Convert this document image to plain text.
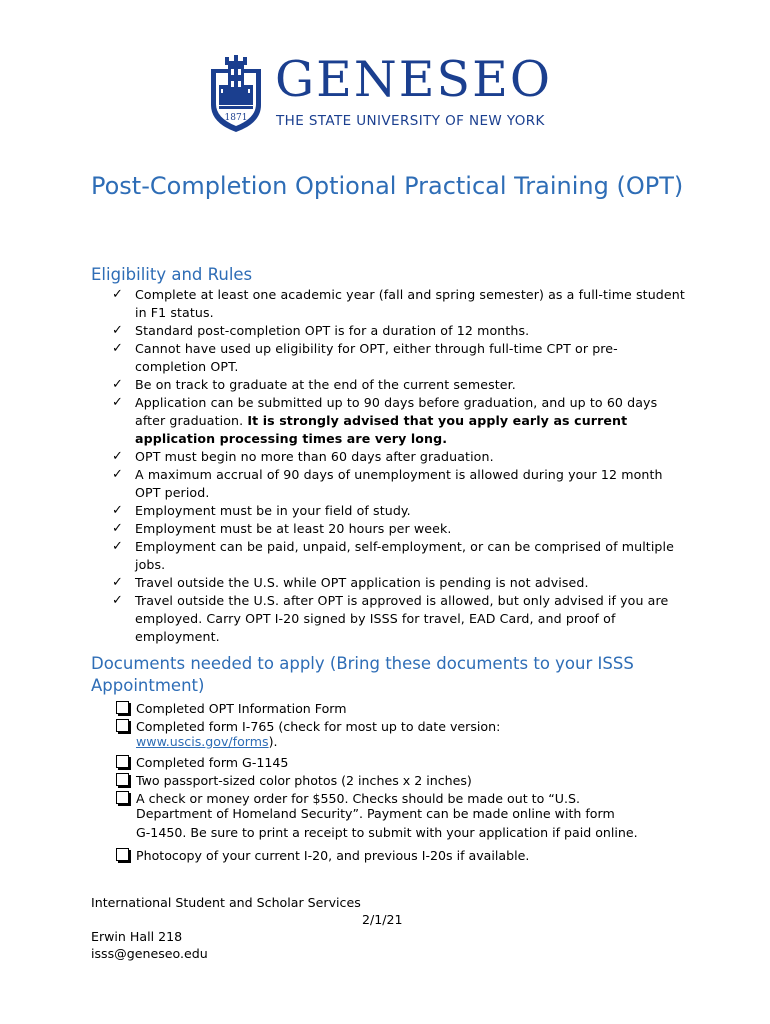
1871
GENESEO
THE STATE UNIVERSITY OF NEW YORK
Post-Completion Optional Practical Training (OPT)
Eligibility and Rules
✓ Complete at least one academic year (fall and spring semester) as a full-time student in F1 status.
✓ Standard post-completion OPT is for a duration of 12 months.
✓ Cannot have used up eligibility for OPT, either through full-time CPT or pre-completion OPT.
✓ Be on track to graduate at the end of the current semester.
✓ Application can be submitted up to 90 days before graduation, and up to 60 days after graduation. It is strongly advised that you apply early as current application processing times are very long.
✓ OPT must begin no more than 60 days after graduation.
✓ A maximum accrual of 90 days of unemployment is allowed during your 12 month OPT period.
✓ Employment must be in your field of study.
✓ Employment must be at least 20 hours per week.
✓ Employment can be paid, unpaid, self-employment, or can be comprised of multiple jobs.
✓ Travel outside the U.S. while OPT application is pending is not advised.
✓ Travel outside the U.S. after OPT is approved is allowed, but only advised if you are employed. Carry OPT I-20 signed by ISSS for travel, EAD Card, and proof of employment.
Documents needed to apply (Bring these documents to your ISSS Appointment)
Completed OPT Information Form
Completed form I-765 (check for most up to date version:
www.uscis.gov/forms).
Completed form G-1145
Two passport-sized color photos (2 inches x 2 inches)
A check or money order for $550. Checks should be made out to “U.S.
Department of Homeland Security”. Payment can be made online with form
G-1450. Be sure to print a receipt to submit with your application if paid online.
Photocopy of your current I-20, and previous I-20s if available.
International Student and Scholar Services
2/1/21
Erwin Hall 218
isss@geneseo.edu
